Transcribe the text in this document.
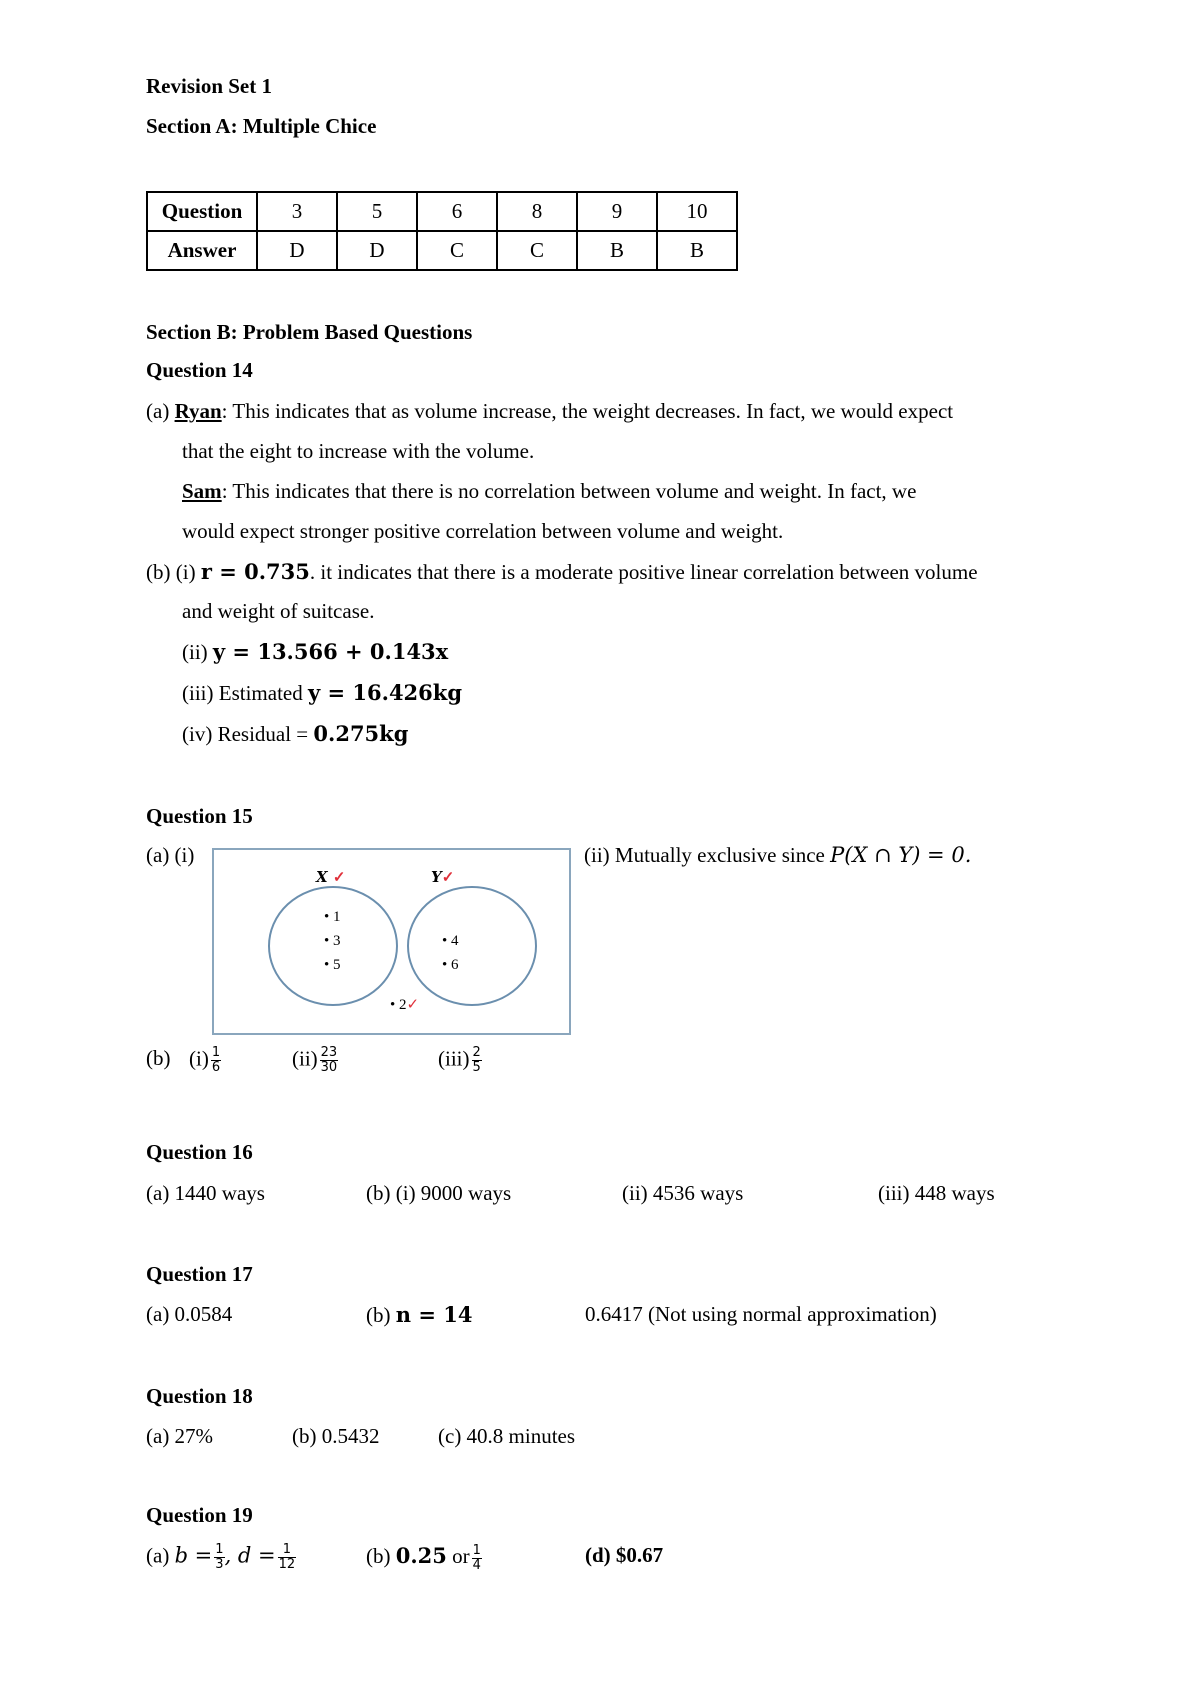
Revision Set 1
Section A: Multiple Chice
Question	3	5	6	8	9	10
Answer	D	D	C	C	B	B
Section B: Problem Based Questions
Question 14
(a) Ryan: This indicates that as volume increase, the weight decreases. In fact, we would expect
that the eight to increase with the volume.
Sam: This indicates that there is no correlation between volume and weight. In fact, we
would expect stronger positive correlation between volume and weight.
(b) (i) r = 0.735. it indicates that there is a moderate positive linear correlation between volume
and weight of suitcase.
(ii) y = 13.566 + 0.143x
(iii) Estimated y = 16.426kg
(iv) Residual = 0.275kg
Question 15
(a) (i)
X ✓	Y✓
• 1
• 3
• 5
• 4
• 6
• 2✓
(ii) Mutually exclusive since P(X ∩ Y) = 0.
(b) $(i) \frac{1}{6}$	$(ii) \frac{23}{30}$	$(iii) \frac{2}{5}$
Question 16
(a) 1440 ways	(b) (i) 9000 ways	(ii) 4536 ways	(iii) 448 ways
Question 17
(a) 0.0584	(b) n = 14	0.6417 (Not using normal approximation)
Question 18
(a) 27%	(b) 0.5432	(c) 40.8 minutes
Question 19
(a) $b = \frac{1}{3}$ , $d = \frac{1}{12}$	(b) 0.25 or $\frac{1}{4}$	(d) $0.67
